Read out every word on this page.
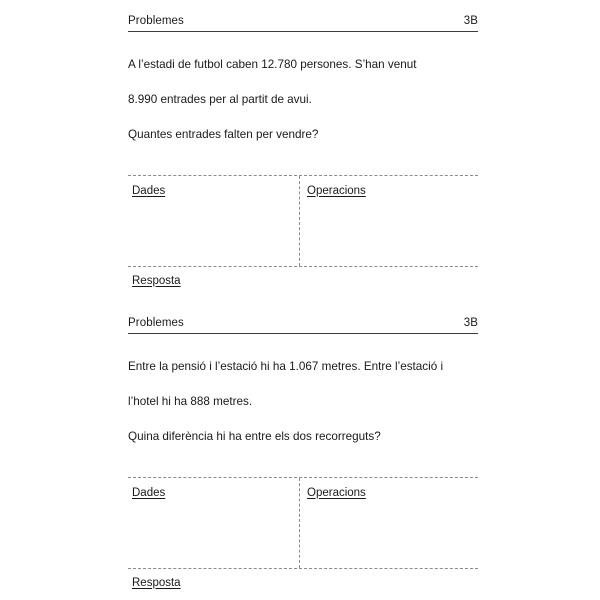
Problemes	3B

A l’estadi de futbol caben 12.780 persones. S’han venut

8.990 entrades per al partit de avui.

Quantes entrades falten per vendre?

Dades	Operacions
Resposta
Problemes	3B

Entre la pensió i l’estació hi ha 1.067 metres. Entre l’estació i

l’hotel hi ha 888 metres.

Quina diferència hi ha entre els dos recorreguts?

Dades	Operacions
Resposta
